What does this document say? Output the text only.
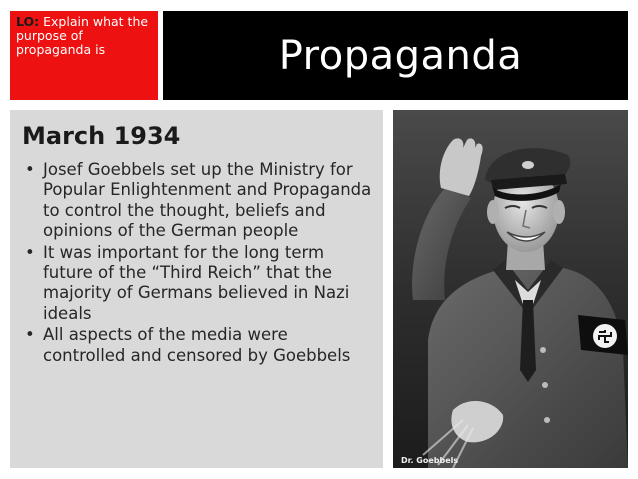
LO: Explain what the purpose of propaganda is	Propaganda
March 1934
• Josef Goebbels set up the Ministry for Popular Enlightenment and Propaganda to control the thought, beliefs and opinions of the German people
• It was important for the long term future of the “Third Reich” that the majority of Germans believed in Nazi ideals
• All aspects of the media were controlled and censored by Goebbels
Dr. Goebbels
